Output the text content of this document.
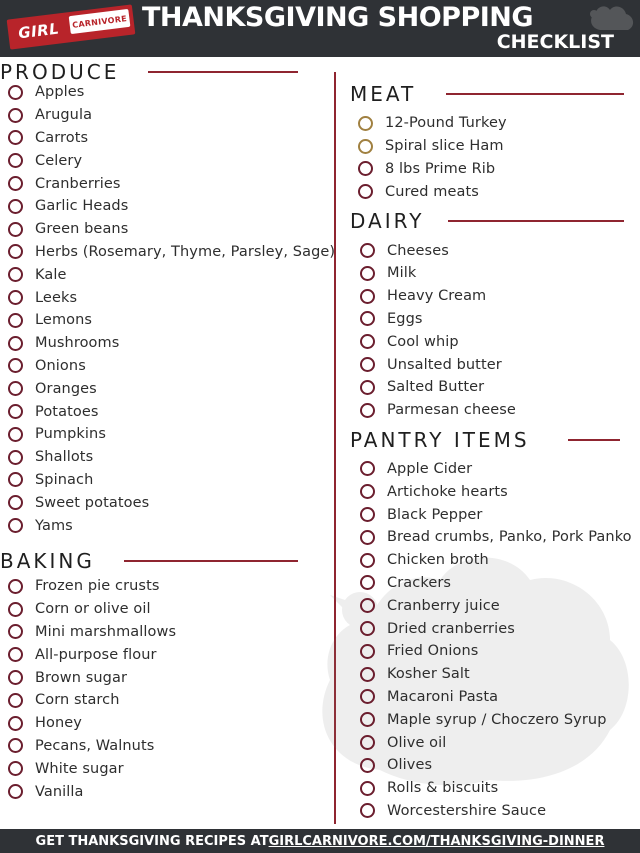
GIRL	CARNIVORE THANKSGIVING SHOPPING
CHECKLIST
PRODUCE
Apples
Arugula
Carrots
Celery
Cranberries
Garlic Heads
Green beans
Herbs (Rosemary, Thyme, Parsley, Sage)
Kale
Leeks
Lemons
Mushrooms
Onions
Oranges
Potatoes
Pumpkins
Shallots
Spinach
Sweet potatoes
Yams
BAKING
Frozen pie crusts
Corn or olive oil
Mini marshmallows
All-purpose flour
Brown sugar
Corn starch
Honey
Pecans, Walnuts
White sugar
Vanilla
MEAT
12-Pound Turkey
Spiral slice Ham
8 lbs Prime Rib
Cured meats
DAIRY
Cheeses
Milk
Heavy Cream
Eggs
Cool whip
Unsalted butter
Salted Butter
Parmesan cheese
PANTRY ITEMS
Apple Cider
Artichoke hearts
Black Pepper
Bread crumbs, Panko, Pork Panko
Chicken broth
Crackers
Cranberry juice
Dried cranberries
Fried Onions
Kosher Salt
Macaroni Pasta
Maple syrup / Choczero Syrup
Olive oil
Olives
Rolls & biscuits
Worcestershire Sauce
GET THANKSGIVING RECIPES AT GIRLCARNIVORE.COM/THANKSGIVING-DINNER
